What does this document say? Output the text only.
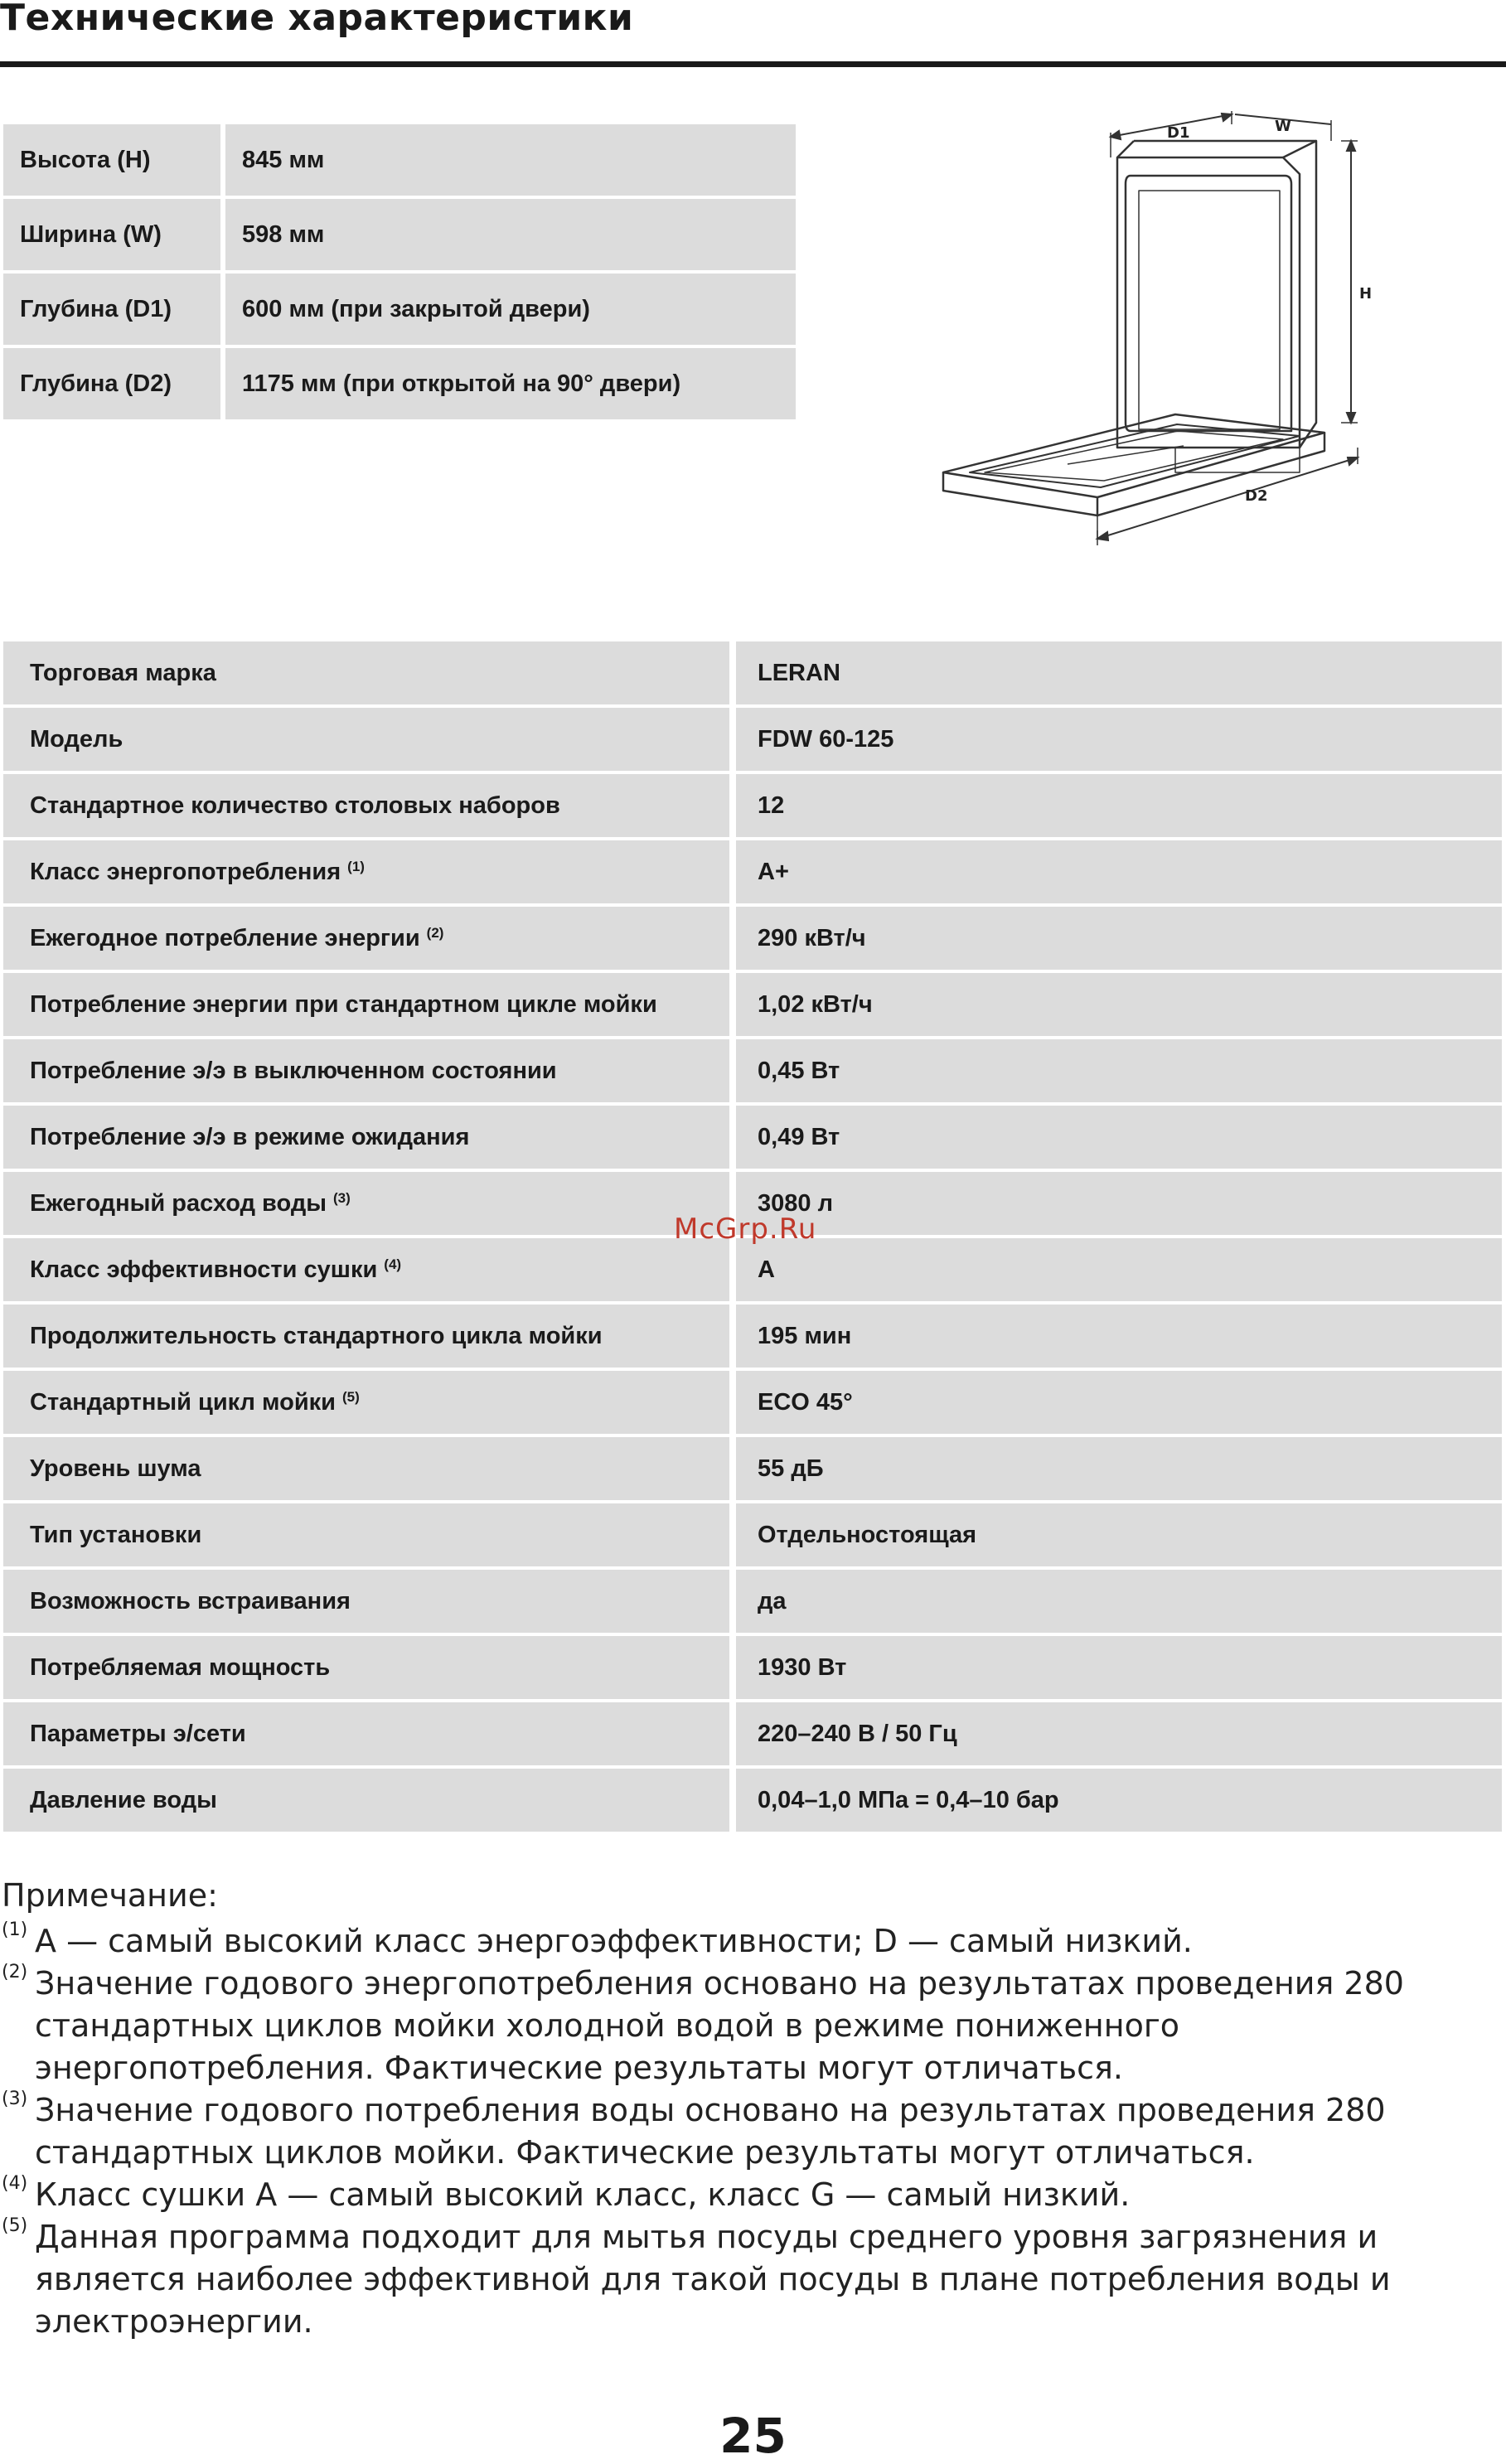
Технические характеристики
Высота (H)	845 мм
Ширина (W)	598 мм
Глубина (D1)	600 мм (при закрытой двери)
Глубина (D2)	1175 мм (при открытой на 90° двери)
D1	W
H
D2
Торговая марка	LERAN
Модель	FDW 60-125
Стандартное количество столовых наборов	12
Класс энергопотребления $^{(1)}$	A+
Ежегодное потребление энергии $^{(2)}$	290 кВт/ч
Потребление энергии при стандартном цикле мойки	1,02 кВт/ч
Потребление э/э в выключенном состоянии	0,45 Вт
Потребление э/э в режиме ожидания	0,49 Вт
Ежегодный расход воды $^{(3)}$	3080 л
Класс эффективности сушки $^{(4)}$	A
Продолжительность стандартного цикла мойки	195 мин
Стандартный цикл мойки $^{(5)}$	ECO 45°
Уровень шума	55 дБ
Тип установки	Отдельностоящая
Возможность встраивания	да
Потребляемая мощность	1930 Вт
Параметры э/сети	220–240 В / 50 Гц
Давление воды	0,04–1,0 МПа = 0,4–10 бар
McGrp.Ru
Примечание:
(1) A — самый высокий класс энергоэффективности; D — самый низкий.
(2) Значение годового энергопотребления основано на результатах проведения 280 стандартных циклов мойки холодной водой в режиме пониженного энергопотребления. Фактические результаты могут отличаться.
(3) Значение годового потребления воды основано на результатах проведения 280 стандартных циклов мойки. Фактические результаты могут отличаться.
(4) Класс сушки A — самый высокий класс, класс G — самый низкий.
(5) Данная программа подходит для мытья посуды среднего уровня загрязнения и является наиболее эффективной для такой посуды в плане потребления воды и электроэнергии.
25
